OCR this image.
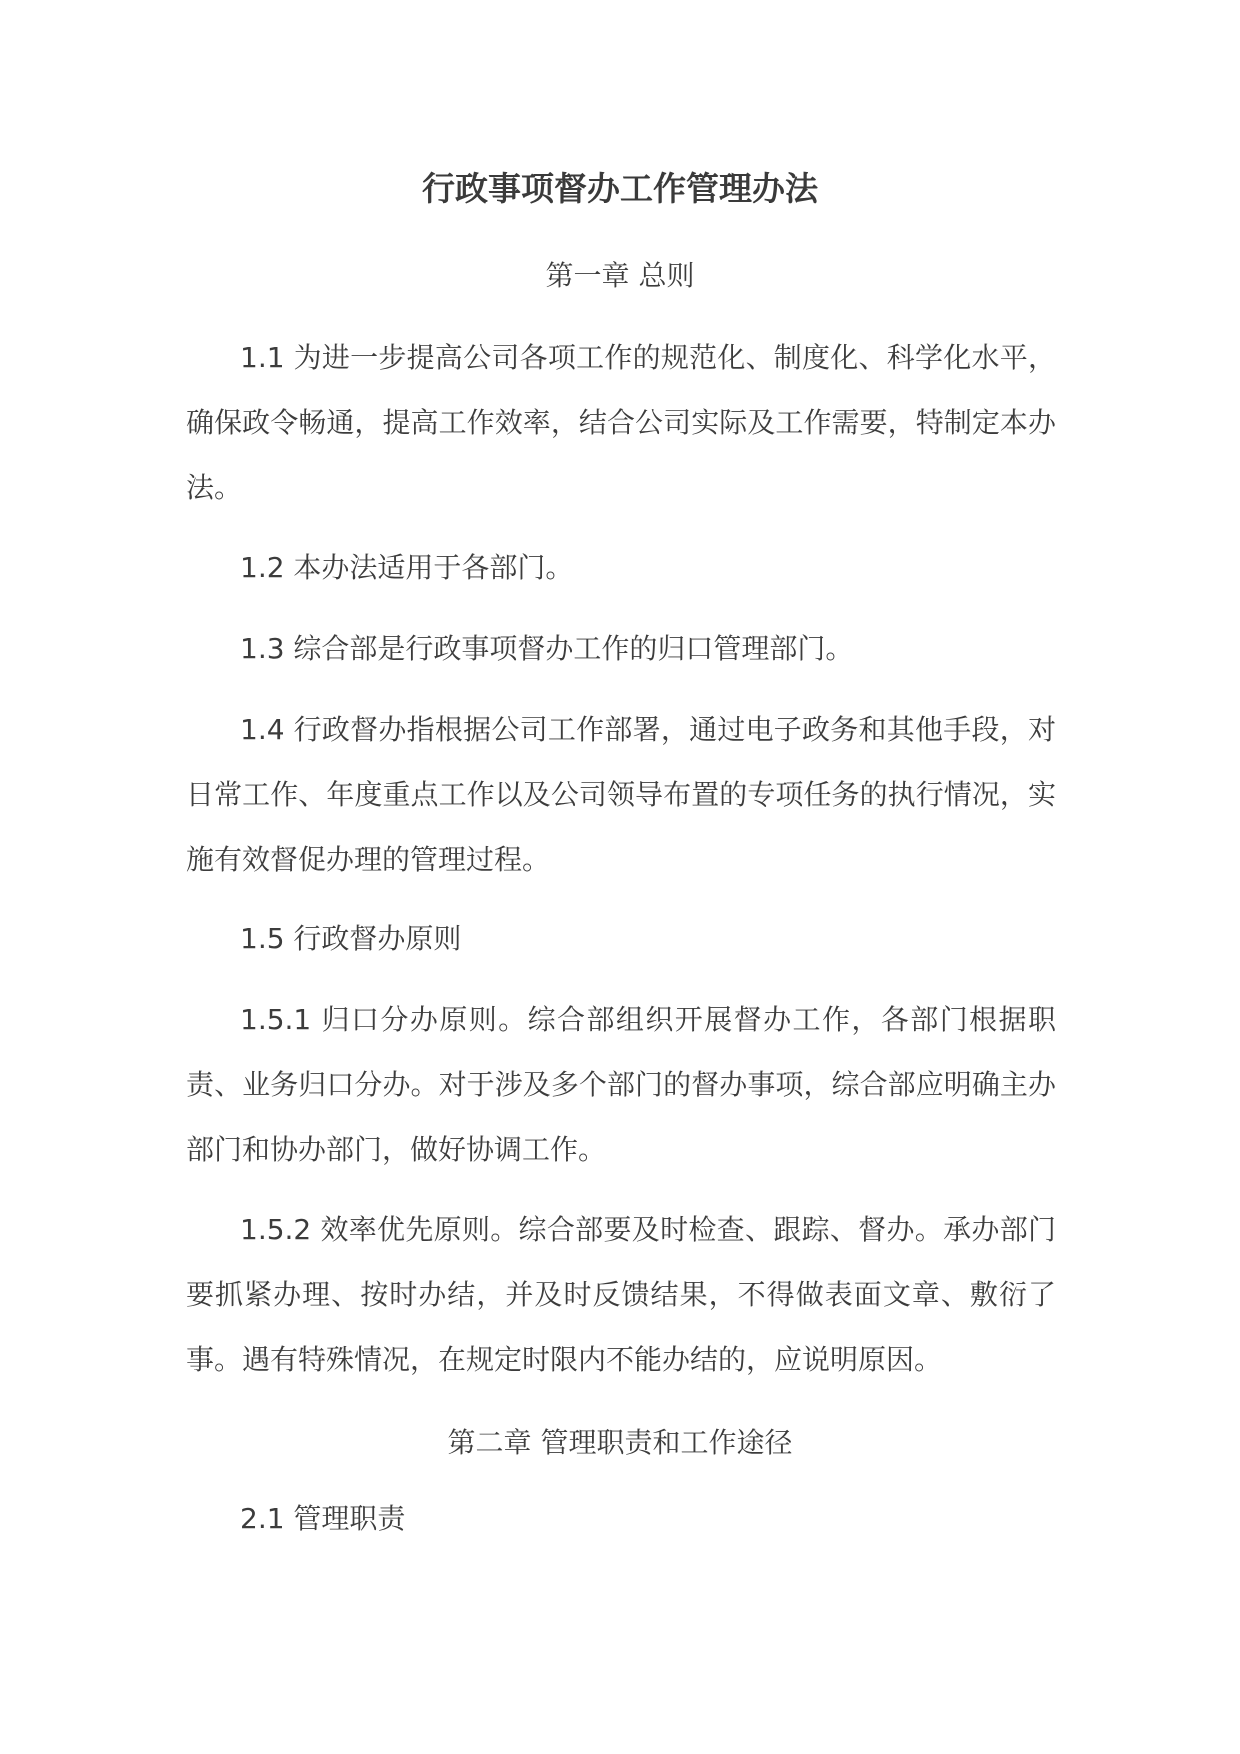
行政事项督办工作管理办法
第一章 总则

1.1 为进一步提高公司各项工作的规范化、制度化、科学化水平，确保政令畅通，提高工作效率，结合公司实际及工作需要，特制定本办法。

1.2 本办法适用于各部门。

1.3 综合部是行政事项督办工作的归口管理部门。

1.4 行政督办指根据公司工作部署，通过电子政务和其他手段，对日常工作、年度重点工作以及公司领导布置的专项任务的执行情况，实施有效督促办理的管理过程。

1.5 行政督办原则

1.5.1 归口分办原则。综合部组织开展督办工作，各部门根据职责、业务归口分办。对于涉及多个部门的督办事项，综合部应明确主办部门和协办部门，做好协调工作。

1.5.2 效率优先原则。综合部要及时检查、跟踪、督办。承办部门要抓紧办理、按时办结，并及时反馈结果，不得做表面文章、敷衍了事。遇有特殊情况，在规定时限内不能办结的，应说明原因。

第二章 管理职责和工作途径

2.1 管理职责
